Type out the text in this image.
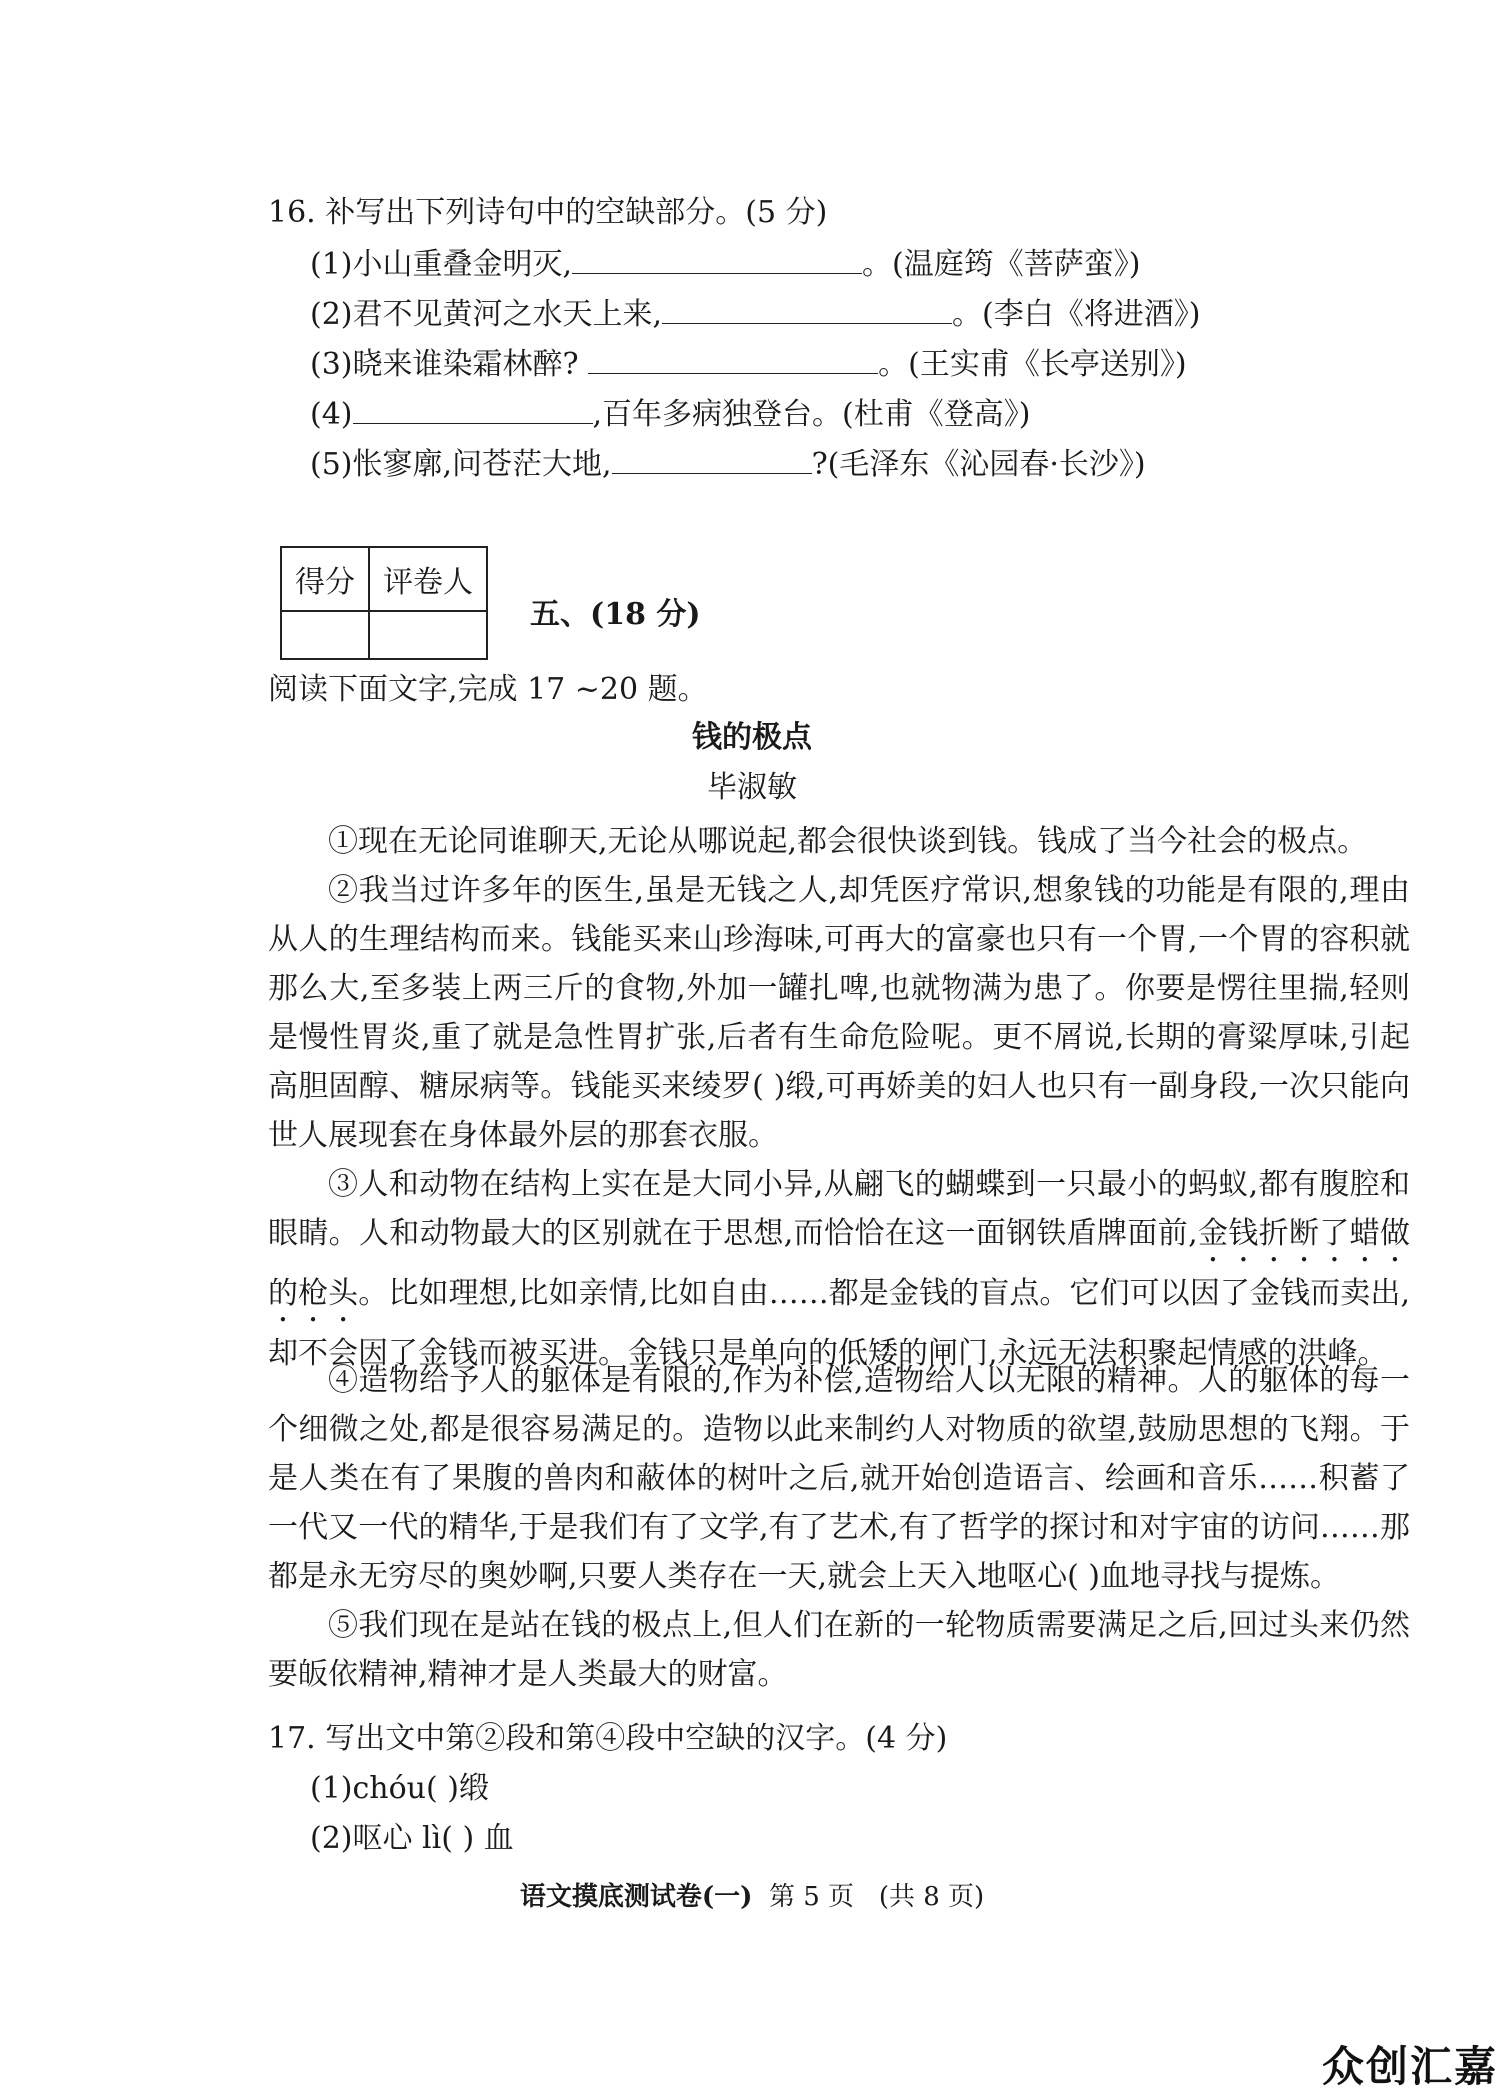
16. 补写出下列诗句中的空缺部分。(5 分)
(1)小山重叠金明灭,	。(温庭筠《菩萨蛮》)
(2)君不见黄河之水天上来,	。(李白《将进酒》)
(3)晓来谁染霜林醉?	。(王实甫《长亭送别》)
(4)	,百年多病独登台。(杜甫《登高》)
(5)怅寥廓,问苍茫大地,	?(毛泽东《沁园春·长沙》)
得分	评卷人

五、(18 分)
阅读下面文字,完成 17 ~20 题。
钱的极点
毕淑敏
①现在无论同谁聊天,无论从哪说起,都会很快谈到钱。钱成了当今社会的极点。
②我当过许多年的医生,虽是无钱之人,却凭医疗常识,想象钱的功能是有限的,理由从人的生理结构而来。钱能买来山珍海味,可再大的富豪也只有一个胃,一个胃的容积就那么大,至多装上两三斤的食物,外加一罐扎啤,也就物满为患了。你要是愣往里揣,轻则是慢性胃炎,重了就是急性胃扩张,后者有生命危险呢。更不屑说,长期的膏粱厚味,引起高胆固醇、糖尿病等。钱能买来绫罗( )缎,可再娇美的妇人也只有一副身段,一次只能向世人展现套在身体最外层的那套衣服。
③人和动物在结构上实在是大同小异,从翩飞的蝴蝶到一只最小的蚂蚁,都有腹腔和眼睛。人和动物最大的区别就在于思想,而恰恰在这一面钢铁盾牌面前,金钱折断了蜡做的枪头。比如理想,比如亲情,比如自由……都是金钱的盲点。它们可以因了金钱而卖出,却不会因了金钱而被买进。金钱只是单向的低矮的闸门,永远无法积聚起情感的洪峰。
④造物给予人的躯体是有限的,作为补偿,造物给人以无限的精神。人的躯体的每一个细微之处,都是很容易满足的。造物以此来制约人对物质的欲望,鼓励思想的飞翔。于是人类在有了果腹的兽肉和蔽体的树叶之后,就开始创造语言、绘画和音乐……积蓄了一代又一代的精华,于是我们有了文学,有了艺术,有了哲学的探讨和对宇宙的访问……那都是永无穷尽的奥妙啊,只要人类存在一天,就会上天入地呕心( )血地寻找与提炼。
⑤我们现在是站在钱的极点上,但人们在新的一轮物质需要满足之后,回过头来仍然要皈依精神,精神才是人类最大的财富。
17. 写出文中第②段和第④段中空缺的汉字。(4 分)
(1)chóu( )缎
(2)呕心 lì( ) 血
语文摸底测试卷(一) 第 5 页 (共 8 页)
众创汇嘉
